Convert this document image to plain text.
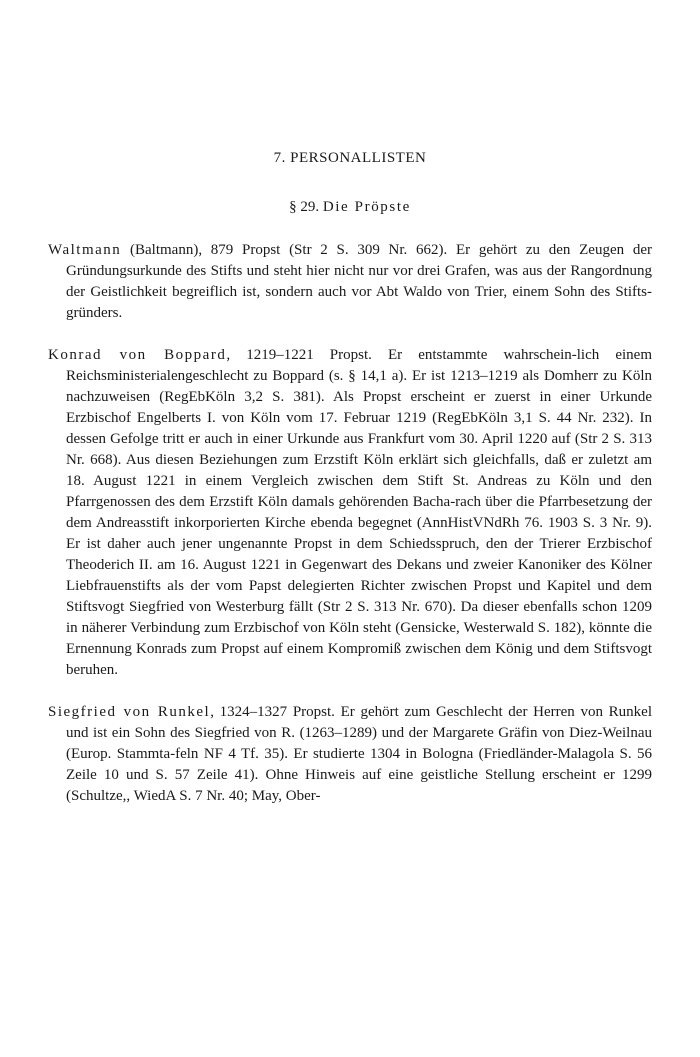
7. PERSONALLISTEN
§ 29. Die Pröpste

Waltmann (Baltmann), 879 Propst (Str 2 S. 309 Nr. 662). Er gehört zu den Zeugen der Gründungsurkunde des Stifts und steht hier nicht nur vor drei Grafen, was aus der Rangordnung der Geistlichkeit begreiflich ist, sondern auch vor Abt Waldo von Trier, einem Sohn des Stifts-gründers.

Konrad von Boppard, 1219–1221 Propst. Er entstammte wahrschein-lich einem Reichsministerialengeschlecht zu Boppard (s. § 14,1 a). Er ist 1213–1219 als Domherr zu Köln nachzuweisen (RegEbKöln 3,2 S. 381). Als Propst erscheint er zuerst in einer Urkunde Erzbischof Engelberts I. von Köln vom 17. Februar 1219 (RegEbKöln 3,1 S. 44 Nr. 232). In dessen Gefolge tritt er auch in einer Urkunde aus Frankfurt vom 30. April 1220 auf (Str 2 S. 313 Nr. 668). Aus diesen Beziehungen zum Erzstift Köln erklärt sich gleichfalls, daß er zuletzt am 18. August 1221 in einem Vergleich zwischen dem Stift St. Andreas zu Köln und den Pfarrgenossen des dem Erzstift Köln damals gehörenden Bacha-rach über die Pfarrbesetzung der dem Andreasstift inkorporierten Kirche ebenda begegnet (AnnHistVNdRh 76. 1903 S. 3 Nr. 9). Er ist daher auch jener ungenannte Propst in dem Schiedsspruch, den der Trierer Erzbischof Theoderich II. am 16. August 1221 in Gegenwart des Dekans und zweier Kanoniker des Kölner Liebfrauenstifts als der vom Papst delegierten Richter zwischen Propst und Kapitel und dem Stiftsvogt Siegfried von Westerburg fällt (Str 2 S. 313 Nr. 670). Da dieser ebenfalls schon 1209 in näherer Verbindung zum Erzbischof von Köln steht (Gensicke, Westerwald S. 182), könnte die Ernennung Konrads zum Propst auf einem Kompromiß zwischen dem König und dem Stiftsvogt beruhen.

Siegfried von Runkel, 1324–1327 Propst. Er gehört zum Geschlecht der Herren von Runkel und ist ein Sohn des Siegfried von R. (1263–1289) und der Margarete Gräfin von Diez-Weilnau (Europ. Stammta-feln NF 4 Tf. 35). Er studierte 1304 in Bologna (Friedländer-Malagola S. 56 Zeile 10 und S. 57 Zeile 41). Ohne Hinweis auf eine geistliche Stellung erscheint er 1299 (Schultze,, WiedA S. 7 Nr. 40; May, Ober-
